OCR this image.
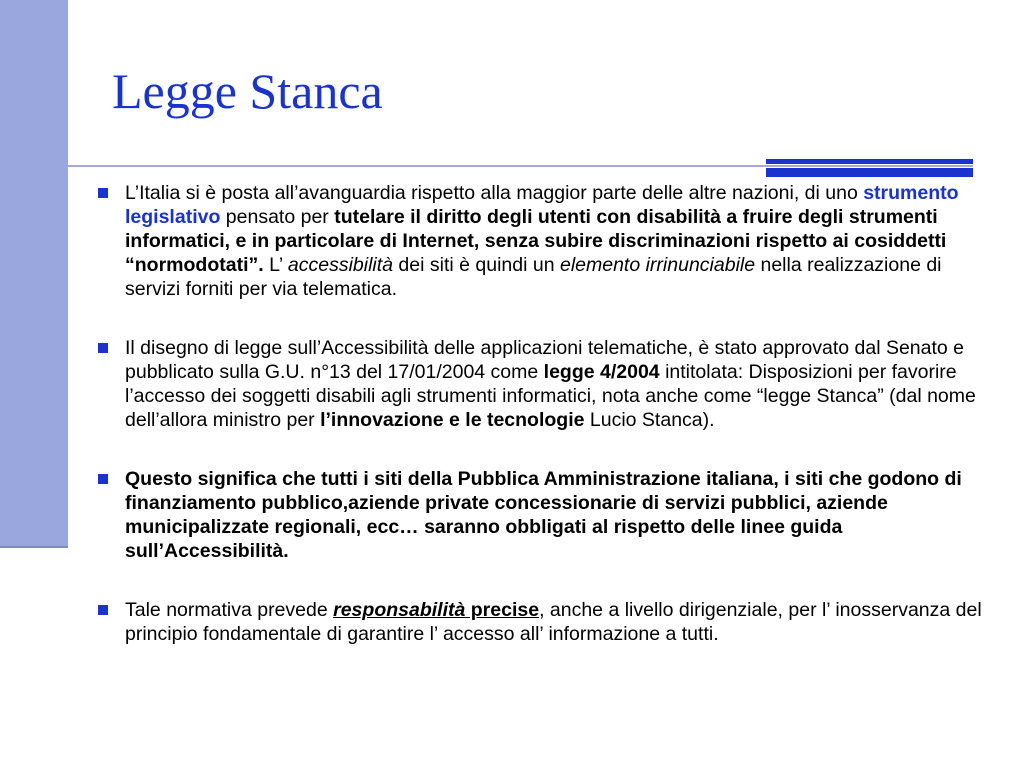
Legge Stanca
L’Italia si è posta all’avanguardia rispetto alla maggior parte delle altre nazioni, di uno strumento legislativo pensato per tutelare il diritto degli utenti con disabilità a fruire degli strumenti informatici, e in particolare di Internet, senza subire discriminazioni rispetto ai cosiddetti “normodotati”. L’ accessibilità dei siti è quindi un elemento irrinunciabile nella realizzazione di servizi forniti per via telematica.
Il disegno di legge sull’Accessibilità delle applicazioni telematiche, è stato approvato dal Senato e pubblicato sulla G.U. n°13 del 17/01/2004 come legge 4/2004 intitolata: Disposizioni per favorire l’accesso dei soggetti disabili agli strumenti informatici, nota anche come “legge Stanca” (dal nome dell’allora ministro per l’innovazione e le tecnologie Lucio Stanca).
Questo significa che tutti i siti della Pubblica Amministrazione italiana, i siti che godono di finanziamento pubblico,aziende private concessionarie di servizi pubblici, aziende municipalizzate regionali, ecc… saranno obbligati al rispetto delle linee guida sull’Accessibilità.
Tale normativa prevede responsabilità precise, anche a livello dirigenziale, per l’ inosservanza del principio fondamentale di garantire l’ accesso all’ informazione a tutti.
